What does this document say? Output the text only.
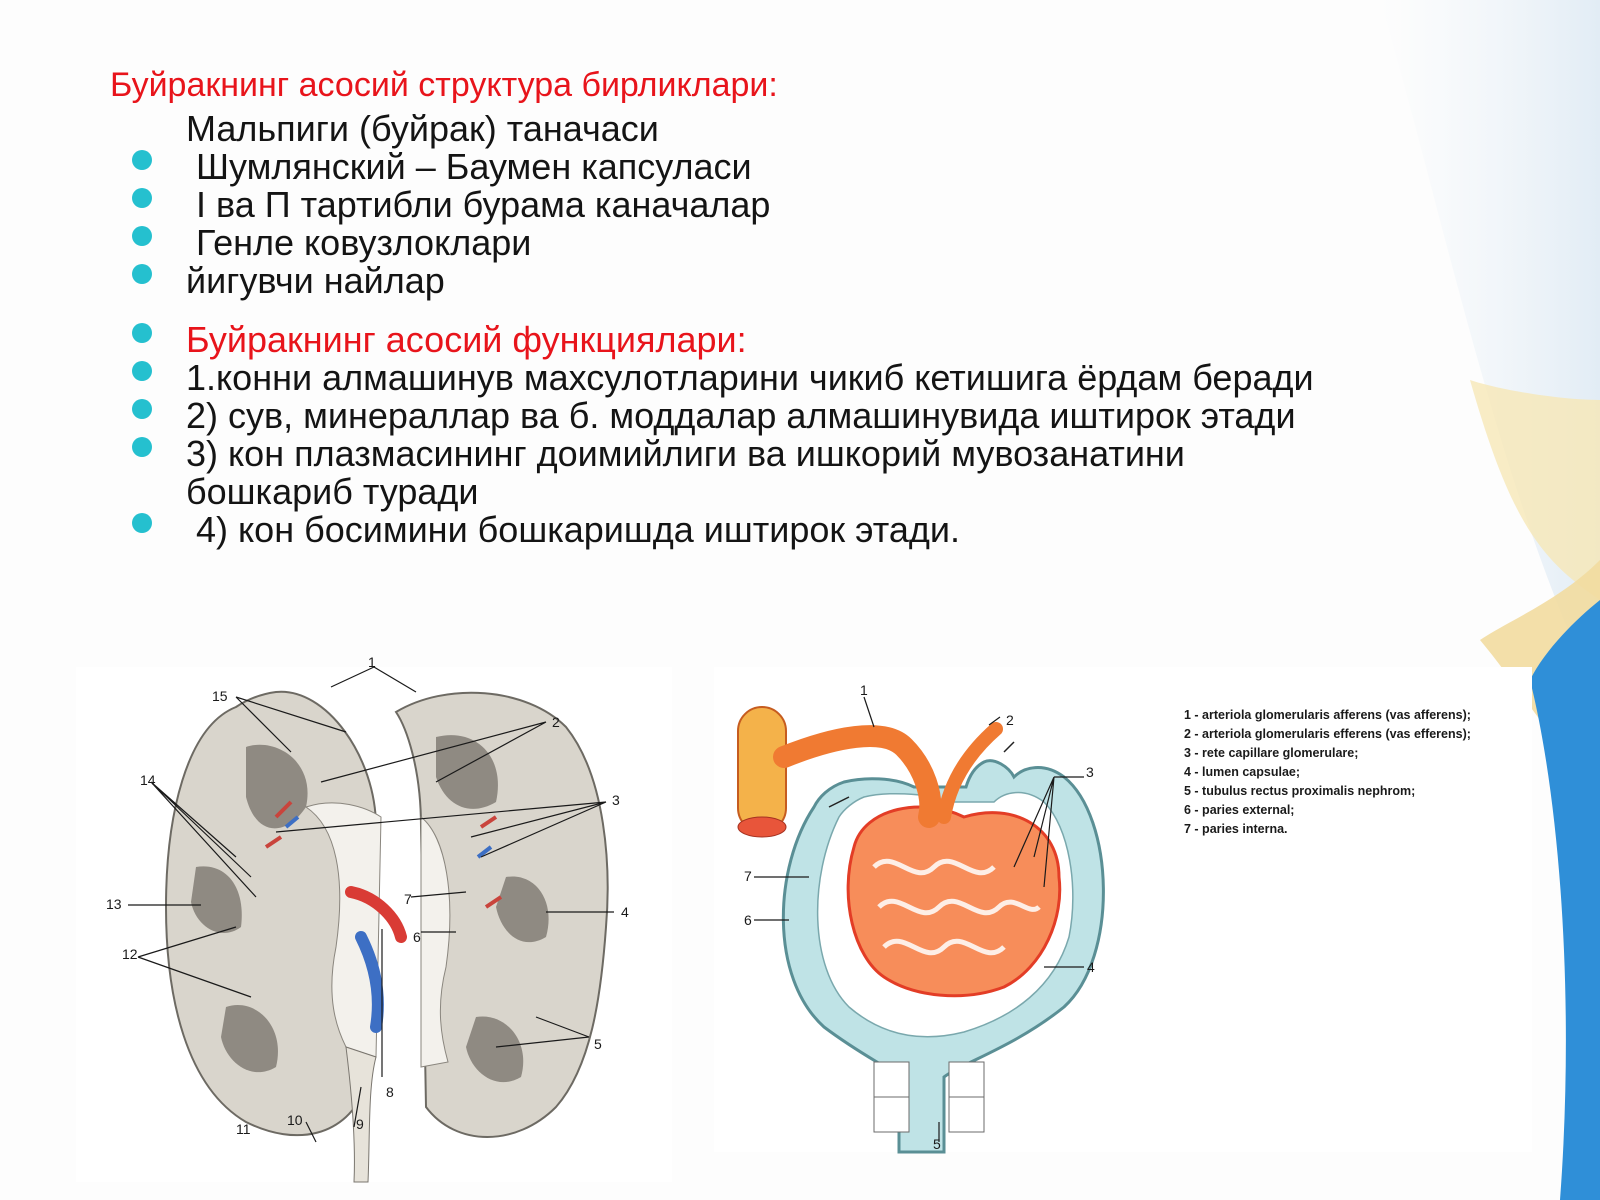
Буйракнинг асосий структура бирликлари:
Мальпиги (буйрак) таначаси
Шумлянский – Баумен капсуласи
I ва П тартибли бурама каначалар
Генле ковузлоклари
йигувчи найлар
Буйракнинг асосий функциялари:
1.конни алмашинув махсулотларини чикиб кетишига ёрдам беради
2) сув, минераллар ва б. моддалар алмашинувида иштирок этади
3) кон плазмасининг доимийлиги ва ишкорий мувозанатини
бошкариб туради
4) кон босимини бошкаришда иштирок этади.
1
2
3
4
5
6
7
8
9
10
11
12
13
14
15	1
2
3
4
5
6
7
1 - arteriola glomerularis afferens (vas afferens);
2 - arteriola glomerularis efferens (vas efferens);
3 - rete capillare glomerulare;
4 - lumen capsulae;
5 - tubulus rectus proximalis nephrom;
6 - paries external;
7 - paries interna.
